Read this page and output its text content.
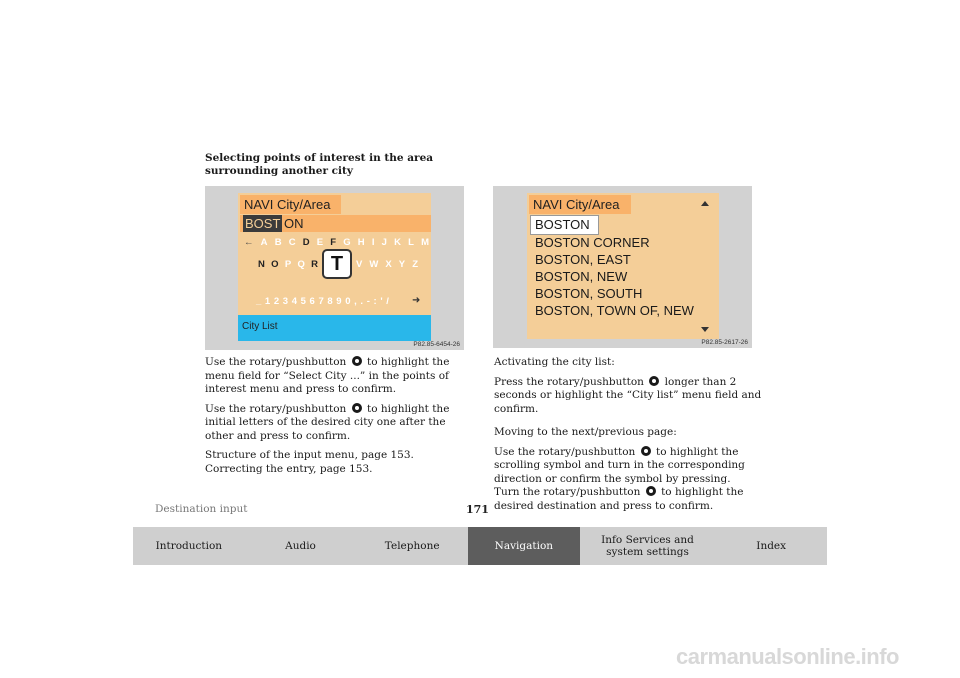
Selecting points of interest in the area surrounding another city
NAVI City/Area
BOST ON
← A B C D E F G H I J K L M
N O P Q R T V W X Y Z
_ 1 2 3 4 5 6 7 8 9 0 , . - : ' / ➜
City List
P82.85-6454-26
NAVI City/Area
BOSTON
BOSTON CORNER
BOSTON, EAST
BOSTON, NEW
BOSTON, SOUTH
BOSTON, TOWN OF, NEW
P82.85-2617-26

Use the rotary/pushbutton to highlight the menu field for “Select City ...” in the points of interest menu and press to confirm.

Use the rotary/pushbutton to highlight the initial letters of the desired city one after the other and press to confirm.

Structure of the input menu, page 153.
Correcting the entry, page 153.

Activating the city list:

Press the rotary/pushbutton longer than 2 seconds or highlight the “City list” menu field and confirm.

Moving to the next/previous page:

Use the rotary/pushbutton to highlight the scrolling symbol and turn in the corresponding direction or confirm the symbol by pressing.
Turn the rotary/pushbutton to highlight the desired destination and press to confirm.

Destination input	171
Introduction	Audio	Telephone	Navigation	Info Services and system settings	Index
carmanualsonline.info
